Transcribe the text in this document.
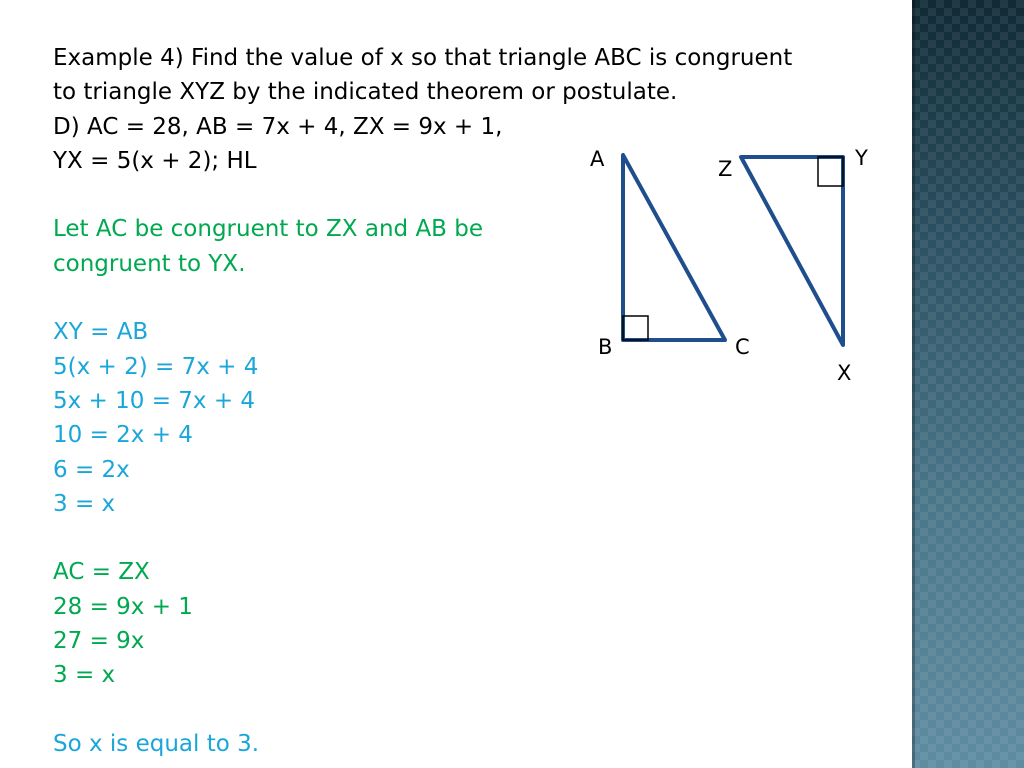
Example 4) Find the value of x so that triangle ABC is congruent
to triangle XYZ by the indicated theorem or postulate.
D) AC = 28, AB = 7x + 4, ZX = 9x + 1,
YX = 5(x + 2); HL
Let AC be congruent to ZX and AB be
congruent to YX.
XY = AB
5(x + 2) = 7x + 4
5x + 10 = 7x + 4
10 = 2x + 4
6 = 2x
3 = x
AC = ZX
28 = 9x + 1
27 = 9x
3 = x
So x is equal to 3.
A
B	C
Z	Y
X
